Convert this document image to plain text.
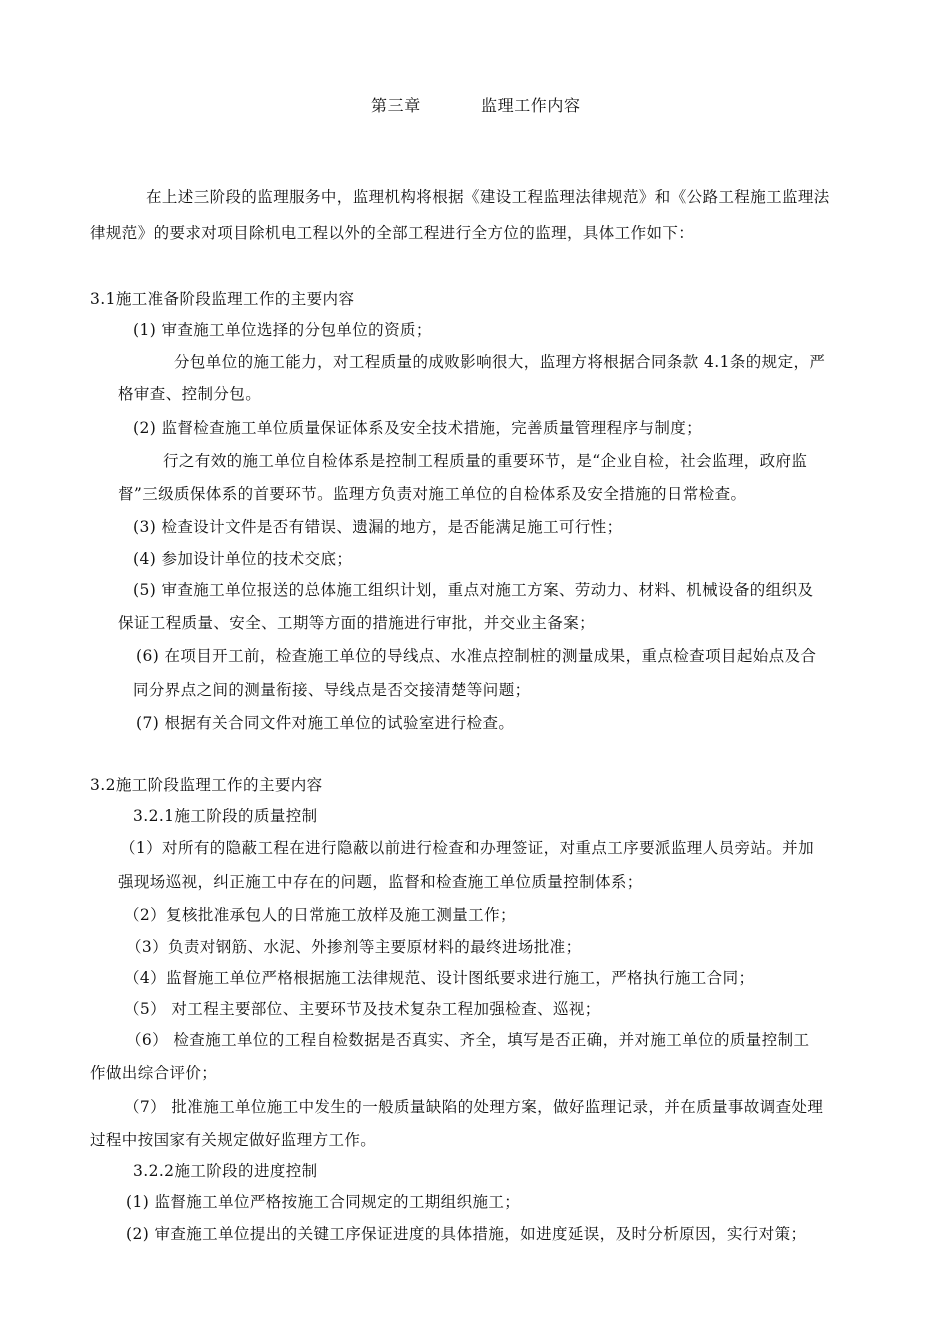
第三章	监理工作内容
在上述三阶段的监理服务中，监理机构将根据《建设工程监理法律规范》和《公路工程施工监理法
律规范》的要求对项目除机电工程以外的全部工程进行全方位的监理，具体工作如下：
3.1施工准备阶段监理工作的主要内容
(1) 审查施工单位选择的分包单位的资质；
分包单位的施工能力，对工程质量的成败影响很大，监理方将根据合同条款 4.1条的规定，严
格审查、控制分包。
(2) 监督检查施工单位质量保证体系及安全技术措施，完善质量管理程序与制度；
行之有效的施工单位自检体系是控制工程质量的重要环节，是“企业自检，社会监理，政府监
督”三级质保体系的首要环节。监理方负责对施工单位的自检体系及安全措施的日常检查。
(3) 检查设计文件是否有错误、遗漏的地方，是否能满足施工可行性；
(4) 参加设计单位的技术交底；
(5) 审查施工单位报送的总体施工组织计划，重点对施工方案、劳动力、材料、机械设备的组织及
保证工程质量、安全、工期等方面的措施进行审批，并交业主备案；
(6) 在项目开工前，检查施工单位的导线点、水准点控制桩的测量成果，重点检查项目起始点及合
同分界点之间的测量衔接、导线点是否交接清楚等问题；
(7) 根据有关合同文件对施工单位的试验室进行检查。
3.2施工阶段监理工作的主要内容
3.2.1施工阶段的质量控制
（1）对所有的隐蔽工程在进行隐蔽以前进行检查和办理签证，对重点工序要派监理人员旁站。并加
强现场巡视，纠正施工中存在的问题，监督和检查施工单位质量控制体系；
（2）复核批准承包人的日常施工放样及施工测量工作；
（3）负责对钢筋、水泥、外掺剂等主要原材料的最终进场批准；
（4）监督施工单位严格根据施工法律规范、设计图纸要求进行施工，严格执行施工合同；
（5） 对工程主要部位、主要环节及技术复杂工程加强检查、巡视；
（6） 检查施工单位的工程自检数据是否真实、齐全，填写是否正确，并对施工单位的质量控制工
作做出综合评价；
（7） 批准施工单位施工中发生的一般质量缺陷的处理方案，做好监理记录，并在质量事故调查处理
过程中按国家有关规定做好监理方工作。
3.2.2施工阶段的进度控制
(1) 监督施工单位严格按施工合同规定的工期组织施工；
(2) 审查施工单位提出的关键工序保证进度的具体措施，如进度延误，及时分析原因，实行对策；
